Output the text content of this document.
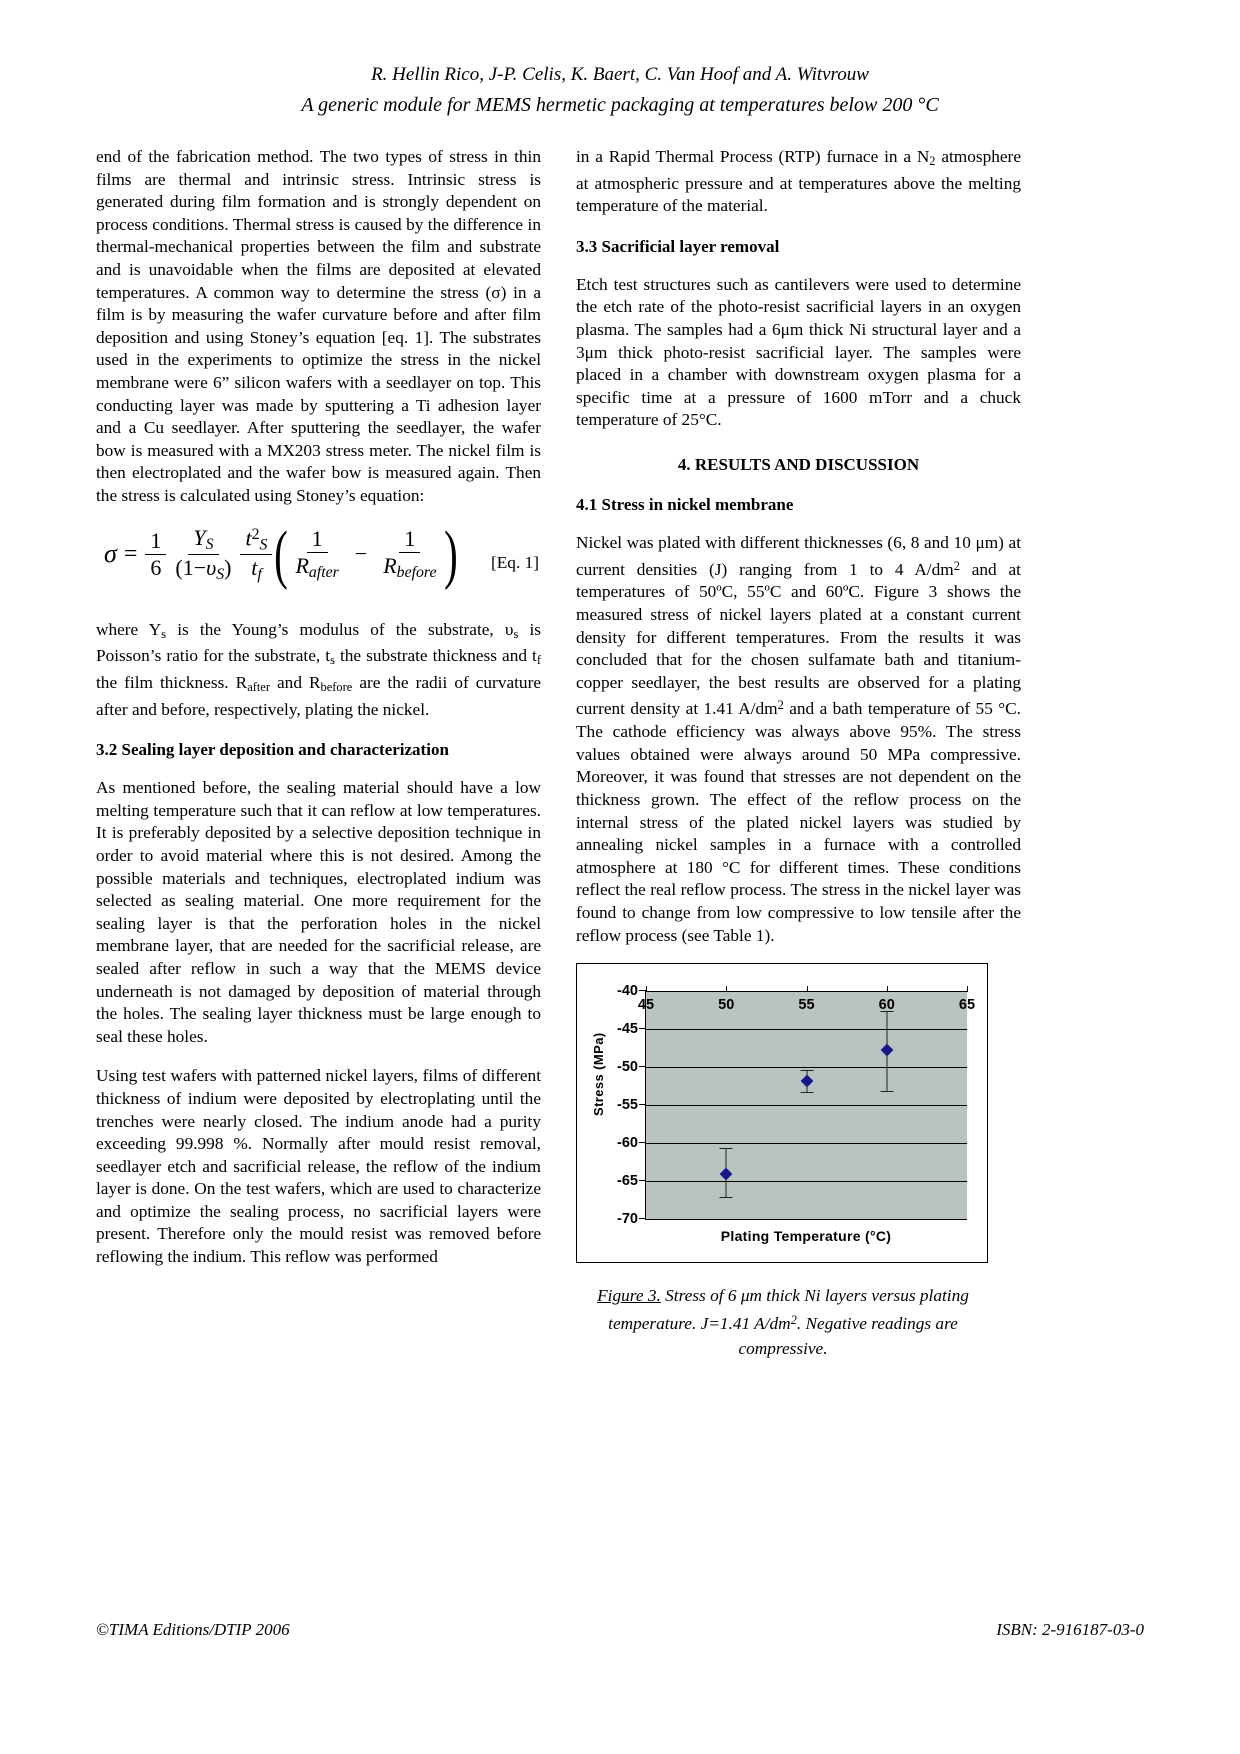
R. Hellin Rico, J-P. Celis, K. Baert, C. Van Hoof and A. Witvrouw
A generic module for MEMS hermetic packaging at temperatures below 200 °C

end of the fabrication method. The two types of stress in thin films are thermal and intrinsic stress. Intrinsic stress is generated during film formation and is strongly dependent on process conditions. Thermal stress is caused by the difference in thermal-mechanical properties between the film and substrate and is unavoidable when the films are deposited at elevated temperatures. A common way to determine the stress (σ) in a film is by measuring the wafer curvature before and after film deposition and using Stoney’s equation [eq. 1]. The substrates used in the experiments to optimize the stress in the nickel membrane were 6” silicon wafers with a seedlayer on top. This conducting layer was made by sputtering a Ti adhesion layer and a Cu seedlayer. After sputtering the seedlayer, the wafer bow is measured with a MX203 stress meter. The nickel film is then electroplated and the wafer bow is measured again. Then the stress is calculated using Stoney’s equation:

$\sigma = \frac{1}{6} \frac{Y_S}{(1-\upsilon_S)} \frac{t^2_S}{t_f}$ ( $\frac{1}{R_{after}} - \frac{1}{R_{before}}$ ) [Eq. 1]

where $Y_s$ is the Young’s modulus of the substrate, $\upsilon_s$ is Poisson’s ratio for the substrate, $t_s$ the substrate thickness and $t_f$ the film thickness. $R_{after}$ and $R_{before}$ are the radii of curvature after and before, respectively, plating the nickel.

3.2 Sealing layer deposition and characterization

As mentioned before, the sealing material should have a low melting temperature such that it can reflow at low temperatures. It is preferably deposited by a selective deposition technique in order to avoid material where this is not desired. Among the possible materials and techniques, electroplated indium was selected as sealing material. One more requirement for the sealing layer is that the perforation holes in the nickel membrane layer, that are needed for the sacrificial release, are sealed after reflow in such a way that the MEMS device underneath is not damaged by deposition of material through the holes. The sealing layer thickness must be large enough to seal these holes.

Using test wafers with patterned nickel layers, films of different thickness of indium were deposited by electroplating until the trenches were nearly closed. The indium anode had a purity exceeding 99.998 %. Normally after mould resist removal, seedlayer etch and sacrificial release, the reflow of the indium layer is done. On the test wafers, which are used to characterize and optimize the sealing process, no sacrificial layers were present. Therefore only the mould resist was removed before reflowing the indium. This reflow was performed

in a Rapid Thermal Process (RTP) furnace in a $N_2$ atmosphere at atmospheric pressure and at temperatures above the melting temperature of the material.

3.3 Sacrificial layer removal

Etch test structures such as cantilevers were used to determine the etch rate of the photo-resist sacrificial layers in an oxygen plasma. The samples had a 6μm thick Ni structural layer and a 3μm thick photo-resist sacrificial layer. The samples were placed in a chamber with downstream oxygen plasma for a specific time at a pressure of 1600 mTorr and a chuck temperature of 25°C.

4. RESULTS AND DISCUSSION
4.1 Stress in nickel membrane

Nickel was plated with different thicknesses (6, 8 and 10 μm) at current densities (J) ranging from 1 to 4 $A/dm^2$ and at temperatures of 50ºC, 55ºC and 60ºC. Figure 3 shows the measured stress of nickel layers plated at a constant current density for different temperatures. From the results it was concluded that for the chosen sulfamate bath and titanium-copper seedlayer, the best results are observed for a plating current density at 1.41 $A/dm^2$ and a bath temperature of 55 °C. The cathode efficiency was always above 95%. The stress values obtained were always around 50 MPa compressive. Moreover, it was found that stresses are not dependent on the thickness grown. The effect of the reflow process on the internal stress of the plated nickel layers was studied by annealing nickel samples in a furnace with a controlled atmosphere at 180 °C for different times. These conditions reflect the real reflow process. The stress in the nickel layer was found to change from low compressive to low tensile after the reflow process (see Table 1).

Stress (MPa)
-40
-45
-50
-55
-60
-65
-70
45	50	55	60	65
Plating Temperature (°C)
Figure 3. Stress of 6 μm thick Ni layers versus plating temperature. J=1.41 $A/dm^2$. Negative readings are compressive.
©TIMA Editions/DTIP 2006	ISBN: 2-916187-03-0
